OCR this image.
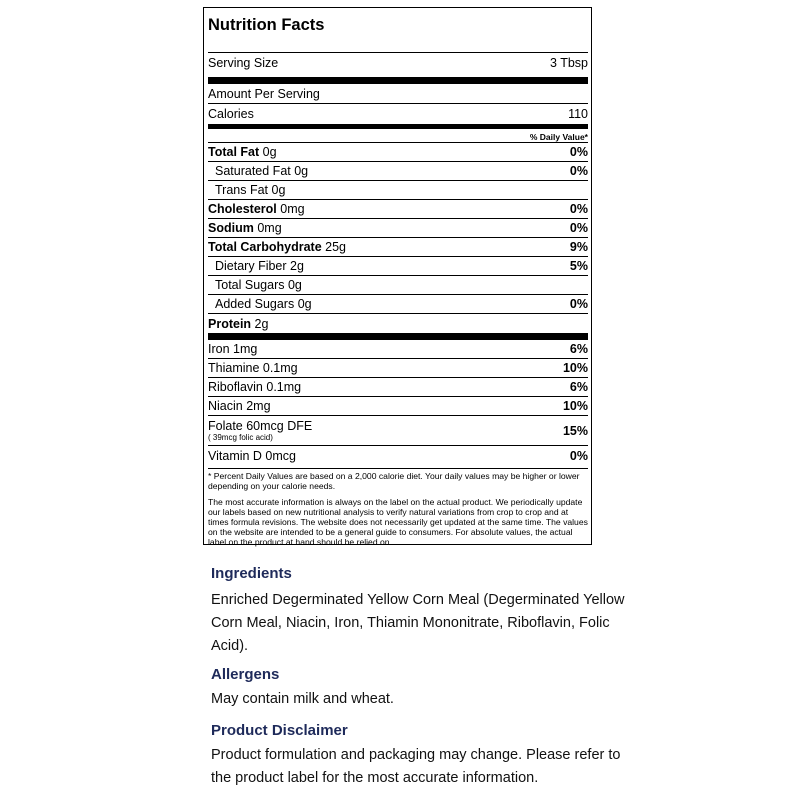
Nutrition Facts
Serving Size	3 Tbsp
Amount Per Serving
Calories	110
% Daily Value*
Total Fat 0g	0%
Saturated Fat 0g	0%
Trans Fat 0g
Cholesterol 0mg	0%
Sodium 0mg	0%
Total Carbohydrate 25g	9%
Dietary Fiber 2g	5%
Total Sugars 0g
Added Sugars 0g	0%
Protein 2g
Iron 1mg	6%
Thiamine 0.1mg	10%
Riboflavin 0.1mg	6%
Niacin 2mg	10%
Folate 60mcg DFE
( 39mcg folic acid)	15%
Vitamin D 0mcg	0%
* Percent Daily Values are based on a 2,000 calorie diet. Your daily values may be higher or lower depending on your calorie needs.
The most accurate information is always on the label on the actual product. We periodically update our labels based on new nutritional analysis to verify natural variations from crop to crop and at times formula revisions. The website does not necessarily get updated at the same time. The values on the website are intended to be a general guide to consumers. For absolute values, the actual label on the product at hand should be relied on.
Ingredients

Enriched Degerminated Yellow Corn Meal (Degerminated Yellow Corn Meal, Niacin, Iron, Thiamin Mononitrate, Riboflavin, Folic Acid).

Allergens

May contain milk and wheat.

Product Disclaimer

Product formulation and packaging may change. Please refer to the product label for the most accurate information.
